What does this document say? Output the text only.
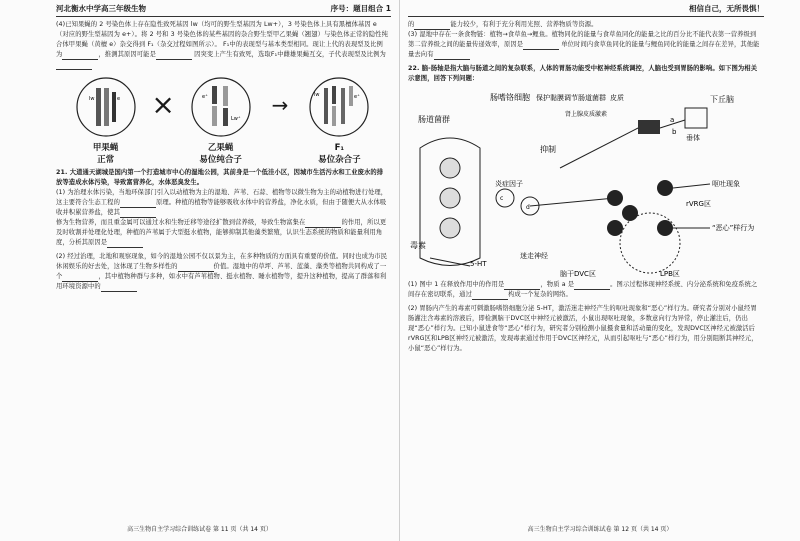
河北衡水中学高三年级生物	序号：题目组合 1

(4)已知果蝇的 2 号染色体上存在隐性致死基因 lw（均可的野生型基因为 Lw+），3 号染色体上具有黑檀体基因 e（对应的野生型基因为 e+）。将 2 号和 3 号染色体的某些基因的杂合野生型甲乙果蝇（翘翅）与染色体正常的隐性纯合体甲果蝇（黄檀 e）杂交得到 F₁（杂交过程如图所示）。 F₁中的表现型与基本类型相同。现让上代的表现型及比例为	，推测其原因可能是	因突变上产生有致死，选取F₁中雌雄果蝇互交，子代表现型及比例为

lw	e
甲果蝇
正常
×	e⁺
Lw⁺
乙果蝇
易位纯合子
→	lw	e⁺
F₁
易位杂合子

21. 大道通天湖城是国内第一个打造城市中心的湿地公园，其前身是一个低洼小区，因城市生活污水和工业废水的排放等造成水体污染，导致富营养化，水体恶臭发生。

(1) 为治理水体污染，当地环保部门引入以动植物为主的湿地、芦苇、石蒜、植物等以微生物为主的动植物进行处理，这主要符合生态工程的	原理。种植的植物等能够吸收水体中的营养盐，净化水质，但由于随便大从水体吸收并积累营养盐，使其

修为生物营养，而且重金属可以通过水和生物迁移等途径扩散到营养级，导致生物富集在	的作用，所以更及时收割并处理化处理，种植的芦苇属于大型挺水植物，能够抑制其他藻类繁殖，认识生态系统的物质和能量利用角度，分析其原因是

(2) 经过治理，北地和观察现象，如今的湿地公园不仅以景为主，在多种物质的方面具有重要的价值。同时也成为市民休闲娱乐的好去处，这体现了生物多样性的	价值。湿地中的草坪、芦苇、蓝藻、藻类等植物共同构成了一个	，其中植物种群与多种，如水中有芦苇植物、挺水植物、睡水植物等，提升这种植物，提高了群落和利用环境资源中的

高三生物自主学习综合训练试卷 第 11 页（共 14 页）
相信自己，无所畏惧！

的	能力较少，有利于充分利用光照、营养物质等资源。

(3) 湿地中存在一条食物链：植物→食草鱼→鲤鱼。植物同化的能量与食草鱼同化的能量之比的百分比不能代表第一营养级到第二营养级之间的能量传递效率，原因是	单位时间内食草鱼同化的能量与鲤鱼同化的能量之间存在差异，其他能量去向有

22. 脑-肠轴是指大脑与肠道之间的复杂联系，人体的胃肠功能受中枢神经系统调控，人脑也受到胃肠的影响。如下图为相关示意图，回答下列问题：

肠嗜铬细胞 保护黏膜调节肠道菌群 皮质
肾上腺皮质激素
下丘脑
垂体
肠道菌群
抑制
炎症因子
毒素
5-HT
迷走神经
脑干DVC区
呕吐现象
rVRG区
“恶心”样行为
LPB区
a
b
c
d

(1) 图中 1 在释放作用中的作用是	，物质 a 是	。图示过程体现神经系统、内分泌系统和免疫系统之间存在密切联系，通过	构成一个复杂的网络。

(2) 胃肠内产生的毒素可刺激肠嗜铬细胞分泌 5-HT，激活迷走神经产生的呕吐现象和“恶心”样行为。研究者分别对小鼠经胃肠灌注含毒素的溶液后，即检测脑干DVC区中神经元被激活，小鼠出现呕吐现象，多数意向行为异常，停止灌注后，仍出现“恶心”样行为。已知小鼠进食等“恶心”样行为，研究者分别检测小鼠摄食量和活动量的变化，发现DVC区神经元被激活后rVRG区和LPB区神经元被激活，发现毒素通过作用于DVC区神经元，从而引起呕吐与“恶心”样行为，用分别阻断其神经元，小鼠“恶心”样行为。

高三生物自主学习综合训练试卷 第 12 页（共 14 页）
